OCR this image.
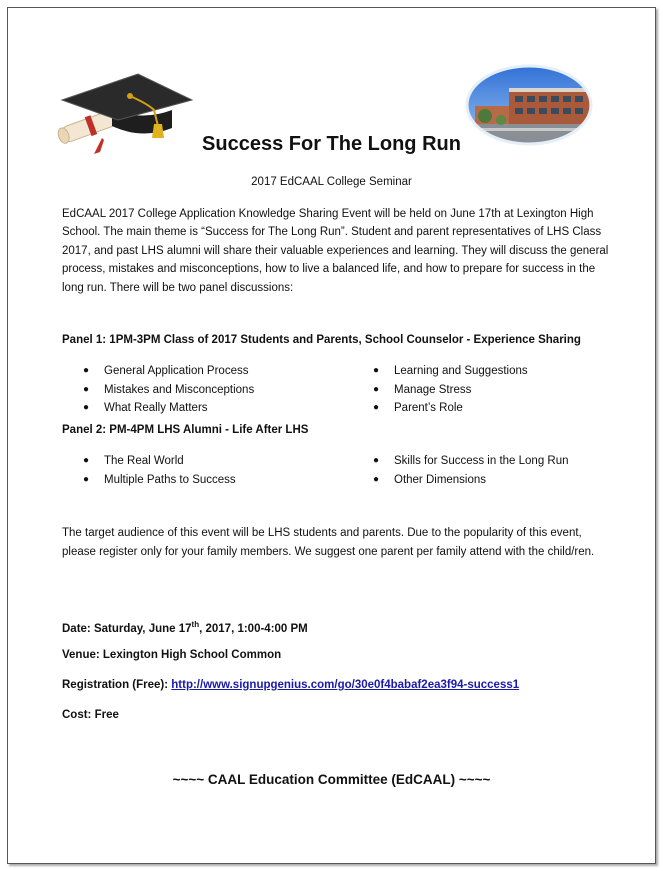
Success For The Long Run
2017 EdCAAL College Seminar

EdCAAL 2017 College Application Knowledge Sharing Event will be held on June 17th at Lexington High School. The main theme is “Success for The Long Run”. Student and parent representatives of LHS Class 2017, and past LHS alumni will share their valuable experiences and learning. They will discuss the general process, mistakes and misconceptions, how to live a balanced life, and how to prepare for success in the long run. There will be two panel discussions:

Panel 1: 1PM-3PM Class of 2017 Students and Parents, School Counselor - Experience Sharing

● General Application Process
● Mistakes and Misconceptions
● What Really Matters
● Learning and Suggestions
● Manage Stress
● Parent’s Role

Panel 2: PM-4PM LHS Alumni - Life After LHS

● The Real World
● Multiple Paths to Success
● Skills for Success in the Long Run
● Other Dimensions

The target audience of this event will be LHS students and parents. Due to the popularity of this event, please register only for your family members. We suggest one parent per family attend with the child/ren.

Date: Saturday, June 17th, 2017, 1:00-4:00 PM

Venue: Lexington High School Common

Registration (Free): http://www.signupgenius.com/go/30e0f4babaf2ea3f94-success1

Cost: Free

~~~~ CAAL Education Committee (EdCAAL) ~~~~
